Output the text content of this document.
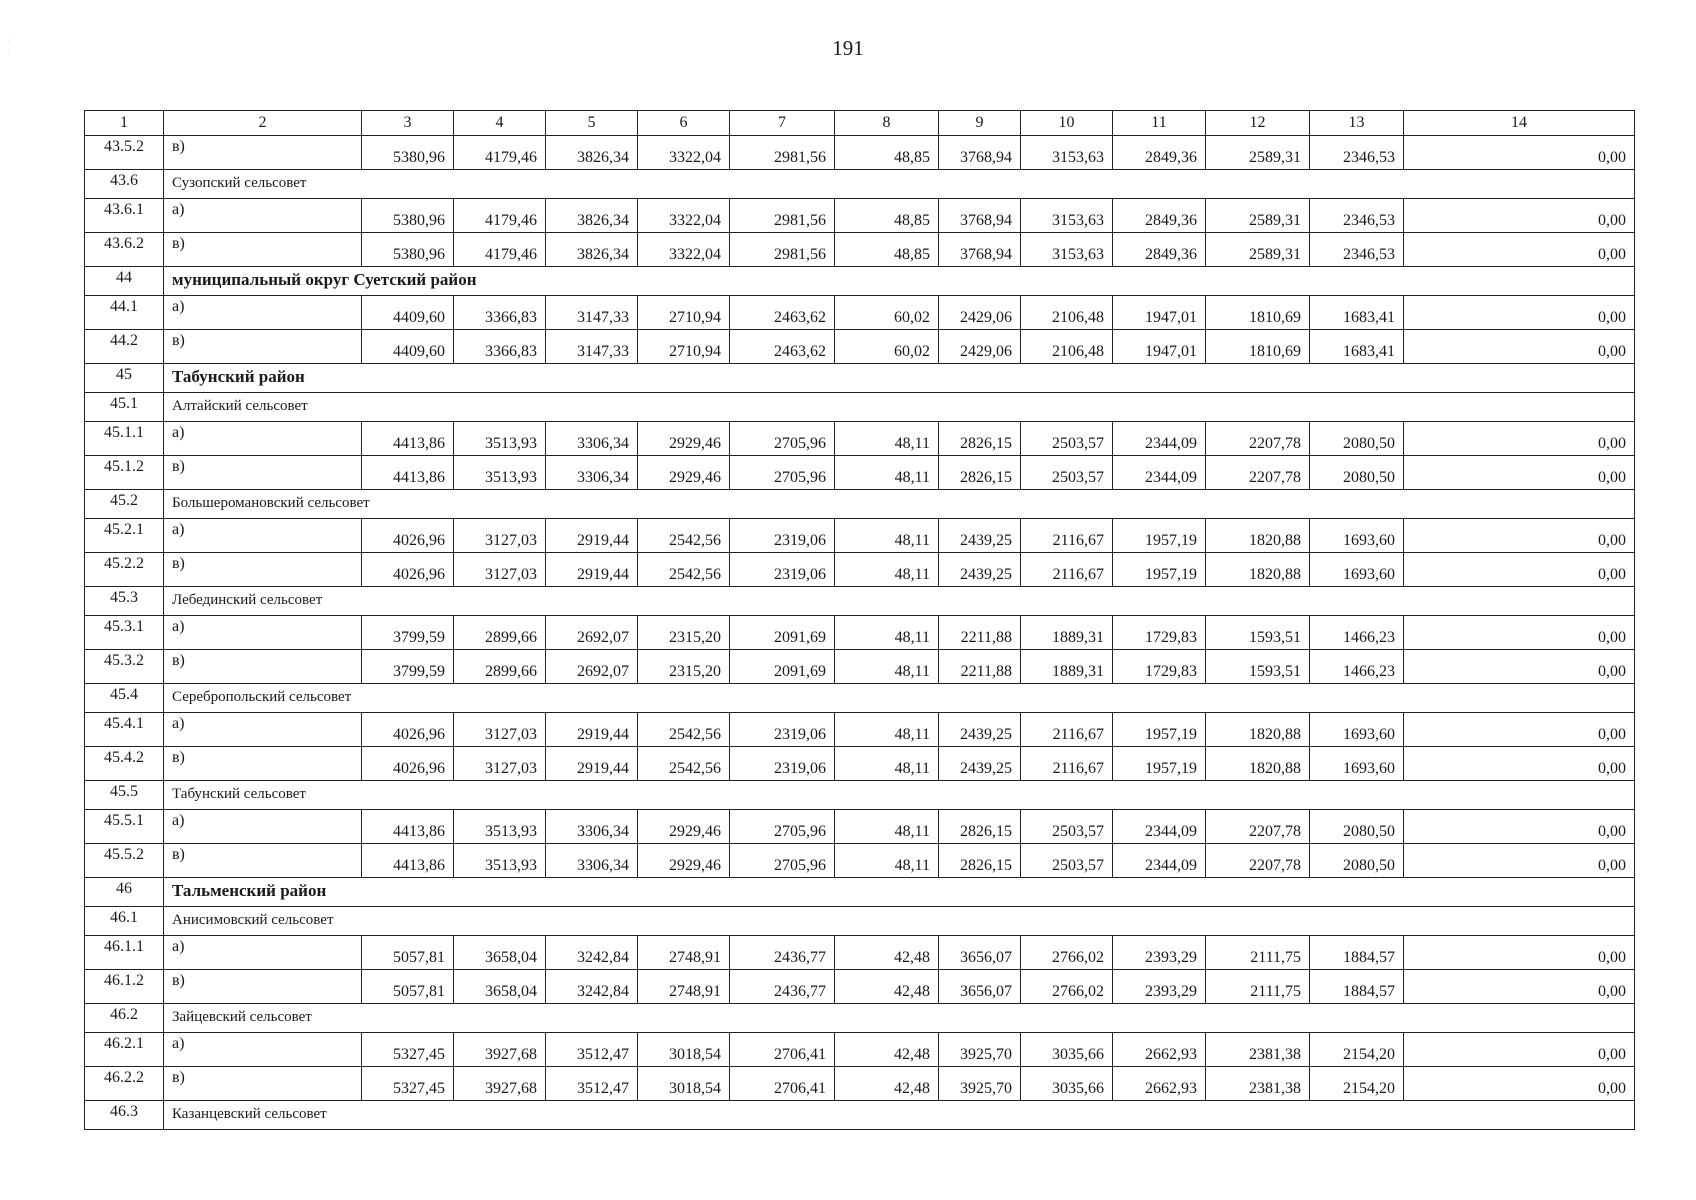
:
:	191
1	2	3	4	5	6	7	8	9	10	11	12	13	14
43.5.2	в)	5380,96	4179,46	3826,34	3322,04	2981,56	48,85	3768,94	3153,63	2849,36	2589,31	2346,53	0,00
43.6	Сузопский сельсовет												
43.6.1	а)	5380,96	4179,46	3826,34	3322,04	2981,56	48,85	3768,94	3153,63	2849,36	2589,31	2346,53	0,00
43.6.2	в)	5380,96	4179,46	3826,34	3322,04	2981,56	48,85	3768,94	3153,63	2849,36	2589,31	2346,53	0,00
44	муниципальный округ Суетский район												
44.1	а)	4409,60	3366,83	3147,33	2710,94	2463,62	60,02	2429,06	2106,48	1947,01	1810,69	1683,41	0,00
44.2	в)	4409,60	3366,83	3147,33	2710,94	2463,62	60,02	2429,06	2106,48	1947,01	1810,69	1683,41	0,00
45	Табунский район												
45.1	Алтайский сельсовет												
45.1.1	а)	4413,86	3513,93	3306,34	2929,46	2705,96	48,11	2826,15	2503,57	2344,09	2207,78	2080,50	0,00
45.1.2	в)	4413,86	3513,93	3306,34	2929,46	2705,96	48,11	2826,15	2503,57	2344,09	2207,78	2080,50	0,00
45.2	Большеромановский сельсовет												
45.2.1	а)	4026,96	3127,03	2919,44	2542,56	2319,06	48,11	2439,25	2116,67	1957,19	1820,88	1693,60	0,00
45.2.2	в)	4026,96	3127,03	2919,44	2542,56	2319,06	48,11	2439,25	2116,67	1957,19	1820,88	1693,60	0,00
45.3	Лебединский сельсовет												
45.3.1	а)	3799,59	2899,66	2692,07	2315,20	2091,69	48,11	2211,88	1889,31	1729,83	1593,51	1466,23	0,00
45.3.2	в)	3799,59	2899,66	2692,07	2315,20	2091,69	48,11	2211,88	1889,31	1729,83	1593,51	1466,23	0,00
45.4	Серебропольский сельсовет												
45.4.1	а)	4026,96	3127,03	2919,44	2542,56	2319,06	48,11	2439,25	2116,67	1957,19	1820,88	1693,60	0,00
45.4.2	в)	4026,96	3127,03	2919,44	2542,56	2319,06	48,11	2439,25	2116,67	1957,19	1820,88	1693,60	0,00
45.5	Табунский сельсовет												
45.5.1	а)	4413,86	3513,93	3306,34	2929,46	2705,96	48,11	2826,15	2503,57	2344,09	2207,78	2080,50	0,00
45.5.2	в)	4413,86	3513,93	3306,34	2929,46	2705,96	48,11	2826,15	2503,57	2344,09	2207,78	2080,50	0,00
46	Тальменский район												
46.1	Анисимовский сельсовет												
46.1.1	а)	5057,81	3658,04	3242,84	2748,91	2436,77	42,48	3656,07	2766,02	2393,29	2111,75	1884,57	0,00
46.1.2	в)	5057,81	3658,04	3242,84	2748,91	2436,77	42,48	3656,07	2766,02	2393,29	2111,75	1884,57	0,00
46.2	Зайцевский сельсовет												
46.2.1	а)	5327,45	3927,68	3512,47	3018,54	2706,41	42,48	3925,70	3035,66	2662,93	2381,38	2154,20	0,00
46.2.2	в)	5327,45	3927,68	3512,47	3018,54	2706,41	42,48	3925,70	3035,66	2662,93	2381,38	2154,20	0,00
46.3	Казанцевский сельсовет												
